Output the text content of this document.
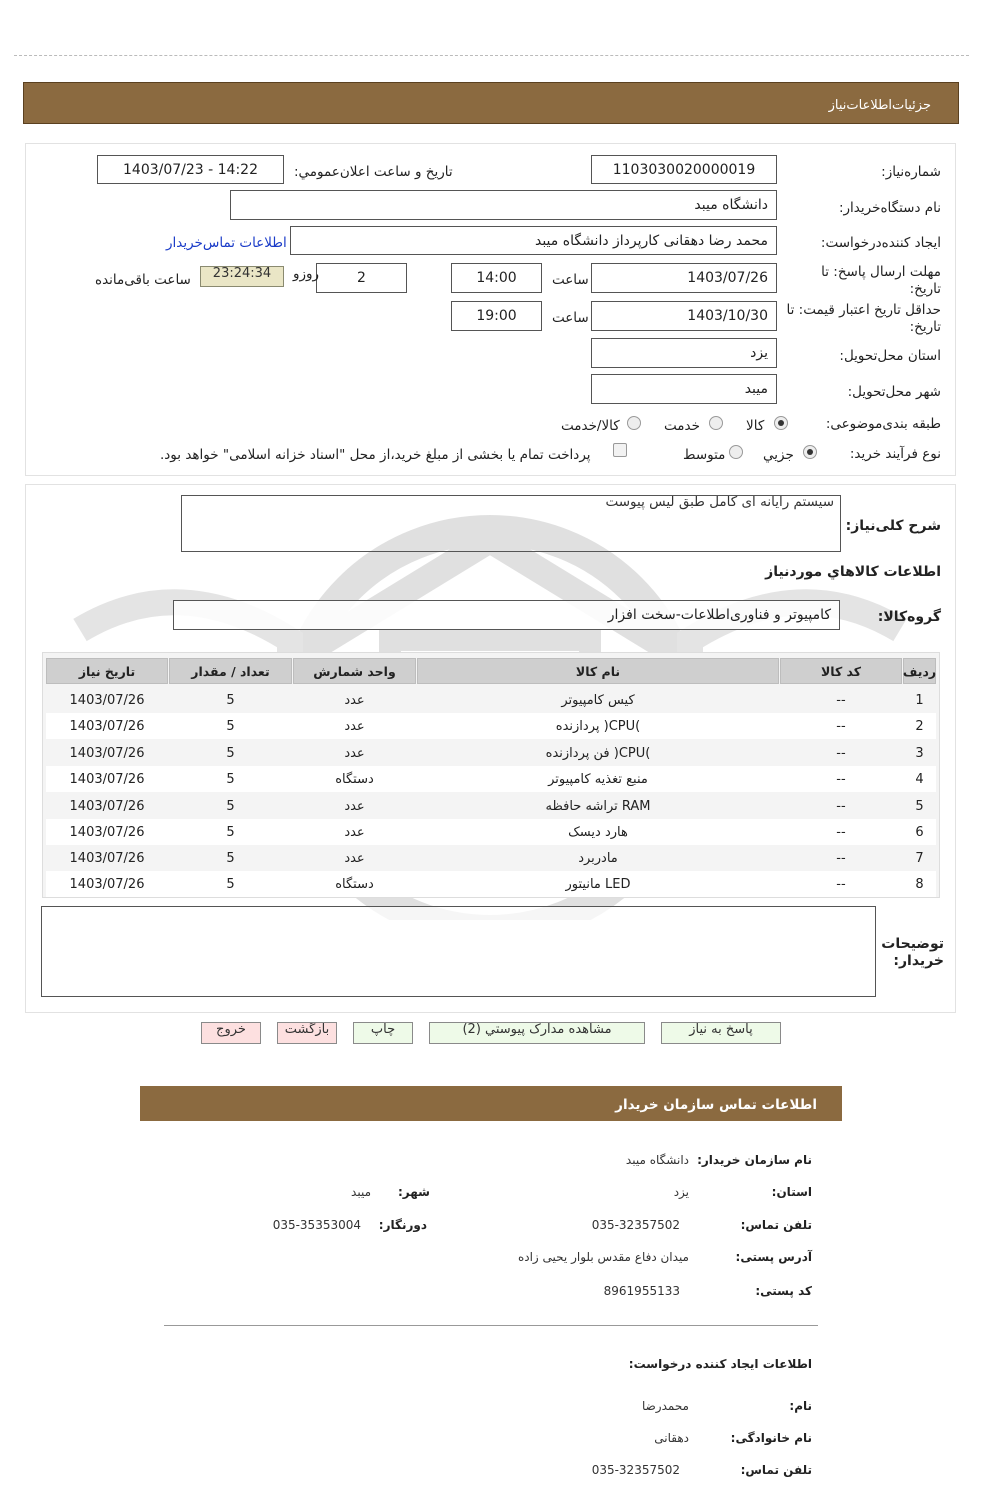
جزئیات‌اطلاعات‌نیاز
شماره‌نیاز:
1103030020000019
تاریخ و ساعت اعلان‌عمومي:
1403/07/23 - 14:22
نام دستگاه‌خریدار:
دانشگاه میبد
ایجاد کننده‌درخواست:
محمد رضا دهقانی کارپرداز دانشگاه میبد
اطلاعات تماس‌خریدار
مهلت ارسال پاسخ: تا تاریخ:
1403/07/26
ساعت
14:00
2
روزو
23:24:34
ساعت باقی‌مانده
حداقل تاریخ اعتبار قیمت: تا تاریخ:
1403/10/30
ساعت
19:00
استان محل‌تحویل:
یزد
شهر محل‌تحویل:
میبد
طبقه بندی‌موضوعی:
کالا
خدمت
کالا/خدمت
نوع فرآیند خرید:
جزیي
متوسط
پرداخت تمام یا بخشی از مبلغ خرید،از محل "اسناد خزانه اسلامی" خواهد بود.
شرح کلی‌نیاز:
سیستم رایانه ای کامل طبق لیس پیوست
اطلاعات کالاهاي مورد‌نیاز
گروه‌کالا:
کامپیوتر و فناوری‌اطلاعات-سخت افزار
ردیف
کد کالا
نام کالا
واحد شمارش
تعداد / مقدار
تاریخ نیاز
1
--
کیس کامپیوتر
عدد
5
1403/07/26
2
--
پردازنده )CPU(
عدد
5
1403/07/26
3
--
فن پردازنده )CPU(
عدد
5
1403/07/26
4
--
منبع تغذیه کامپیوتر
دستگاه
5
1403/07/26
5
--
تراشه حافظه RAM
عدد
5
1403/07/26
6
--
هارد دیسک
عدد
5
1403/07/26
7
--
مادربرد
عدد
5
1403/07/26
8
--
مانیتور LED
دستگاه
5
1403/07/26
توضیحات خریدار:
پاسخ به نیاز
مشاهده مدارک پیوستي (2)
چاپ
بازگشت
خروج
اطلاعات تماس سازمان خریدار
نام سازمان خریدار:
دانشگاه میبد
استان:
یزد
شهر:
میبد
تلفن تماس:
035-32357502
دورنگار:
035-35353004
آدرس پستی:
میدان دفاع مقدس بلوار یحیی زاده
کد پستی:
8961955133
اطلاعات ایجاد کننده درخواست:
نام:
محمدرضا
نام خانوادگی:
دهقانی
تلفن تماس:
035-32357502
